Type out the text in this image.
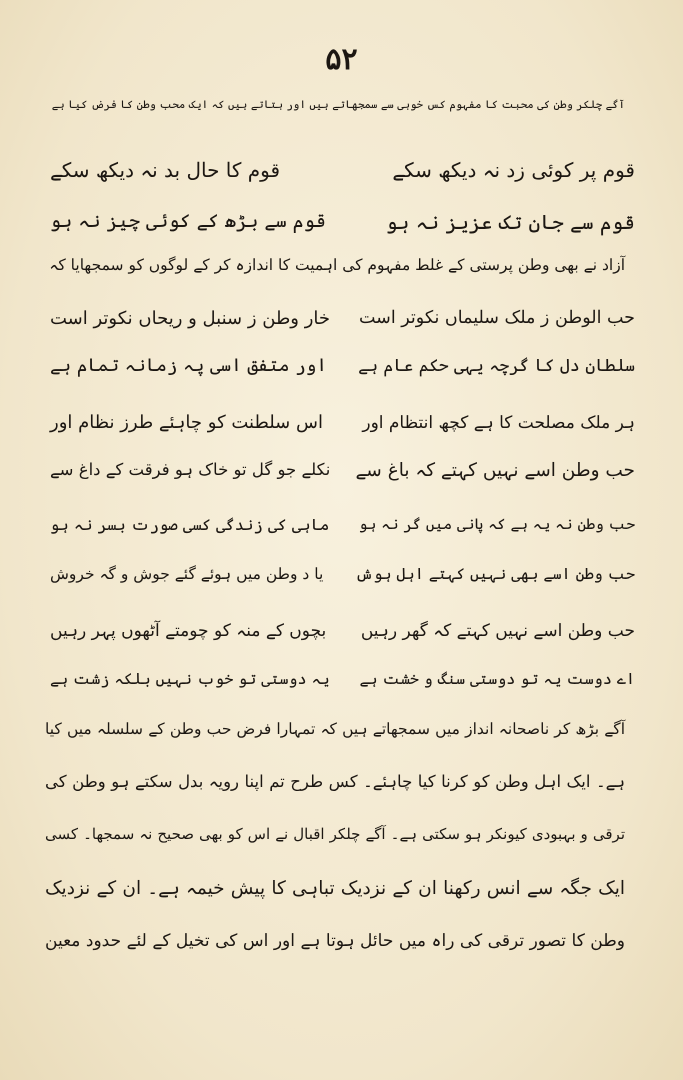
۵۲
آگے چلکر وطن کی محبت کا مفہوم کس خوبی سے سمجھاتے ہیں اور بتاتے ہیں کہ ایک محب وطن کا فرض کیا ہے
قوم پر کوئی زد نہ دیکھ سکے
قوم کا حال بد نہ دیکھ سکے
قوم سے جان تک عزیز نہ ہو
قوم سے بڑھ کے کوئی چیز نہ ہو
آزاد نے بھی وطن پرستی کے غلط مفہوم کی اہمیت کا اندازہ کر کے لوگوں کو سمجھایا کہ
حب الوطن ز ملک سلیماں نکوتر است
خار وطن ز سنبل و ریحاں نکوتر است
سلطان دل کا گرچہ یہی حکم عام ہے
اور متفق اسی پہ زمانہ تمام ہے
ہر ملک مصلحت کا ہے کچھ انتظام اور
اس سلطنت کو چاہئے طرز نظام اور
حب وطن اسے نہیں کہتے کہ باغ سے
نکلے جو گل تو خاک ہو فرقت کے داغ سے
حب وطن نہ یہ ہے کہ پانی میں گر نہ ہو
ماہی کی زندگی کسی صورت بسر نہ ہو
حب وطن اسے بھی نہیں کہتے اہل ہوش
یا د وطن میں ہوئے گئے جوش و گہ خروش
حب وطن اسے نہیں کہتے کہ گھر رہیں
بچوں کے منہ کو چومتے آٹھوں پہر رہیں
اے دوست یہ تو دوستی سنگ و خشت ہے
یہ دوستی تو خوب نہیں بلکہ زشت ہے
آگے بڑھ کر ناصحانہ انداز میں سمجھاتے ہیں کہ تمہارا فرض حب وطن کے سلسلہ میں کیا
ہے۔ ایک اہل وطن کو کرنا کیا چاہئے۔ کس طرح تم اپنا رویہ بدل سکتے ہو وطن کی
ترقی و بہبودی کیونکر ہو سکتی ہے۔ آگے چلکر اقبال نے اس کو بھی صحیح نہ سمجھا۔ کسی
ایک جگہ سے انس رکھنا ان کے نزدیک تباہی کا پیش خیمہ ہے۔ ان کے نزدیک
وطن کا تصور ترقی کی راہ میں حائل ہوتا ہے اور اس کی تخیل کے لئے حدود معین
